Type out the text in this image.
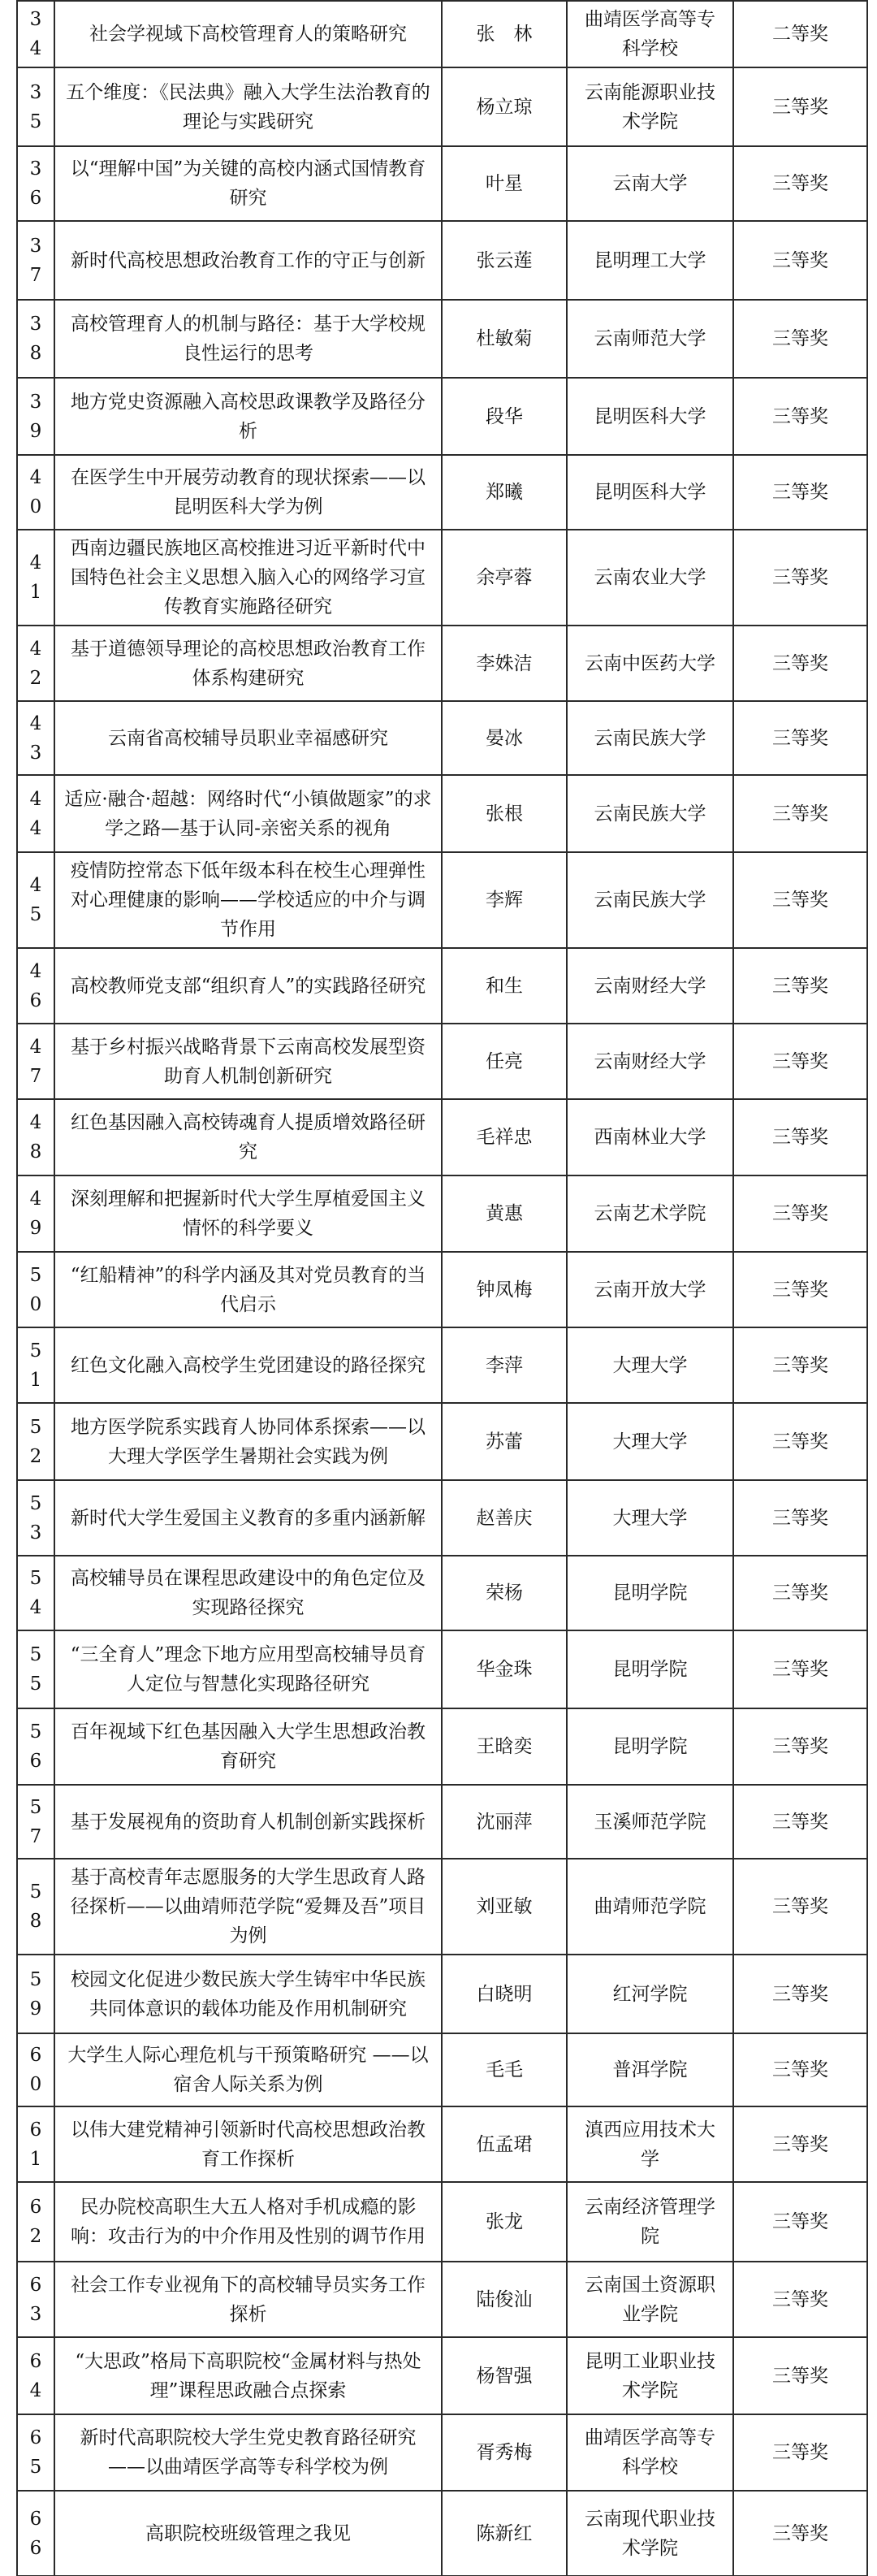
34	社会学视域下高校管理育人的策略研究	张　林	曲靖医学高等专科学校	二等奖
35	五个维度：《民法典》融入大学生法治教育的理论与实践研究	杨立琼	云南能源职业技术学院	三等奖
36	以“理解中国”为关键的高校内涵式国情教育研究	叶星	云南大学	三等奖
37	新时代高校思想政治教育工作的守正与创新	张云莲	昆明理工大学	三等奖
38	高校管理育人的机制与路径：基于大学校规良性运行的思考	杜敏菊	云南师范大学	三等奖
39	地方党史资源融入高校思政课教学及路径分析	段华	昆明医科大学	三等奖
40	在医学生中开展劳动教育的现状探索——以昆明医科大学为例	郑曦	昆明医科大学	三等奖
41	西南边疆民族地区高校推进习近平新时代中国特色社会主义思想入脑入心的网络学习宣传教育实施路径研究	余亭蓉	云南农业大学	三等奖
42	基于道德领导理论的高校思想政治教育工作体系构建研究	李姝洁	云南中医药大学	三等奖
43	云南省高校辅导员职业幸福感研究	晏冰	云南民族大学	三等奖
44	适应·融合·超越：网络时代“小镇做题家”的求学之路—基于认同-亲密关系的视角	张根	云南民族大学	三等奖
45	疫情防控常态下低年级本科在校生心理弹性对心理健康的影响——学校适应的中介与调节作用	李辉	云南民族大学	三等奖
46	高校教师党支部“组织育人”的实践路径研究	和生	云南财经大学	三等奖
47	基于乡村振兴战略背景下云南高校发展型资助育人机制创新研究	任亮	云南财经大学	三等奖
48	红色基因融入高校铸魂育人提质增效路径研究	毛祥忠	西南林业大学	三等奖
49	深刻理解和把握新时代大学生厚植爱国主义情怀的科学要义	黄惠	云南艺术学院	三等奖
50	“红船精神”的科学内涵及其对党员教育的当代启示	钟凤梅	云南开放大学	三等奖
51	红色文化融入高校学生党团建设的路径探究	李萍	大理大学	三等奖
52	地方医学院系实践育人协同体系探索——以大理大学医学生暑期社会实践为例	苏蕾	大理大学	三等奖
53	新时代大学生爱国主义教育的多重内涵新解	赵善庆	大理大学	三等奖
54	高校辅导员在课程思政建设中的角色定位及实现路径探究	荣杨	昆明学院	三等奖
55	“三全育人”理念下地方应用型高校辅导员育人定位与智慧化实现路径研究	华金珠	昆明学院	三等奖
56	百年视域下红色基因融入大学生思想政治教育研究	王晗奕	昆明学院	三等奖
57	基于发展视角的资助育人机制创新实践探析	沈丽萍	玉溪师范学院	三等奖
58	基于高校青年志愿服务的大学生思政育人路径探析——以曲靖师范学院“爱舞及吾”项目为例	刘亚敏	曲靖师范学院	三等奖
59	校园文化促进少数民族大学生铸牢中华民族共同体意识的载体功能及作用机制研究	白晓明	红河学院	三等奖
60	大学生人际心理危机与干预策略研究 ——以宿舍人际关系为例	毛毛	普洱学院	三等奖
61	以伟大建党精神引领新时代高校思想政治教育工作探析	伍孟珺	滇西应用技术大学	三等奖
62	民办院校高职生大五人格对手机成瘾的影响：攻击行为的中介作用及性别的调节作用	张龙	云南经济管理学院	三等奖
63	社会工作专业视角下的高校辅导员实务工作探析	陆俊汕	云南国土资源职业学院	三等奖
64	“大思政”格局下高职院校“金属材料与热处理”课程思政融合点探索	杨智强	昆明工业职业技术学院	三等奖
65	新时代高职院校大学生党史教育路径研究——以曲靖医学高等专科学校为例	胥秀梅	曲靖医学高等专科学校	三等奖
66	高职院校班级管理之我见	陈新红	云南现代职业技术学院	三等奖
